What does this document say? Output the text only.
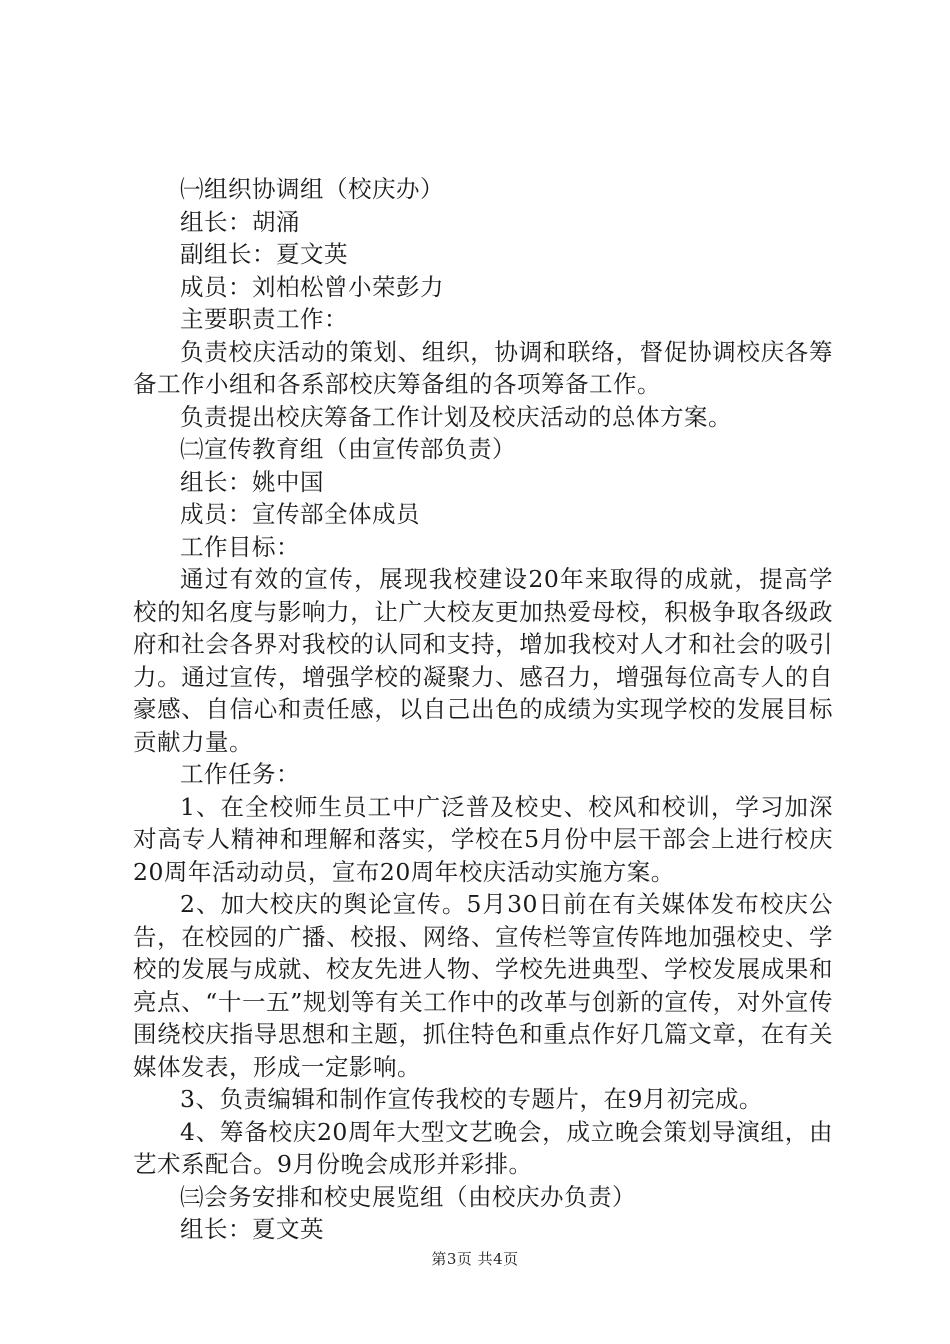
㈠组织协调组（校庆办）

组长：胡涌

副组长：夏文英

成员：刘柏松曾小荣彭力

主要职责工作：

负责校庆活动的策划、组织，协调和联络，督促协调校庆各筹备工作小组和各系部校庆筹备组的各项筹备工作。

负责提出校庆筹备工作计划及校庆活动的总体方案。

㈡宣传教育组（由宣传部负责）

组长：姚中国

成员：宣传部全体成员

工作目标：

通过有效的宣传，展现我校建设20年来取得的成就，提高学校的知名度与影响力，让广大校友更加热爱母校，积极争取各级政府和社会各界对我校的认同和支持，增加我校对人才和社会的吸引力。通过宣传，增强学校的凝聚力、感召力，增强每位高专人的自豪感、自信心和责任感，以自己出色的成绩为实现学校的发展目标贡献力量。

工作任务：

1、在全校师生员工中广泛普及校史、校风和校训，学习加深对高专人精神和理解和落实，学校在5月份中层干部会上进行校庆20周年活动动员，宣布20周年校庆活动实施方案。

2、加大校庆的舆论宣传。5月30日前在有关媒体发布校庆公告，在校园的广播、校报、网络、宣传栏等宣传阵地加强校史、学校的发展与成就、校友先进人物、学校先进典型、学校发展成果和亮点、“十一五”规划等有关工作中的改革与创新的宣传，对外宣传围绕校庆指导思想和主题，抓住特色和重点作好几篇文章，在有关媒体发表，形成一定影响。

3、负责编辑和制作宣传我校的专题片，在9月初完成。

4、筹备校庆20周年大型文艺晚会，成立晚会策划导演组，由艺术系配合。9月份晚会成形并彩排。

㈢会务安排和校史展览组（由校庆办负责）

组长：夏文英

第3页 共4页
